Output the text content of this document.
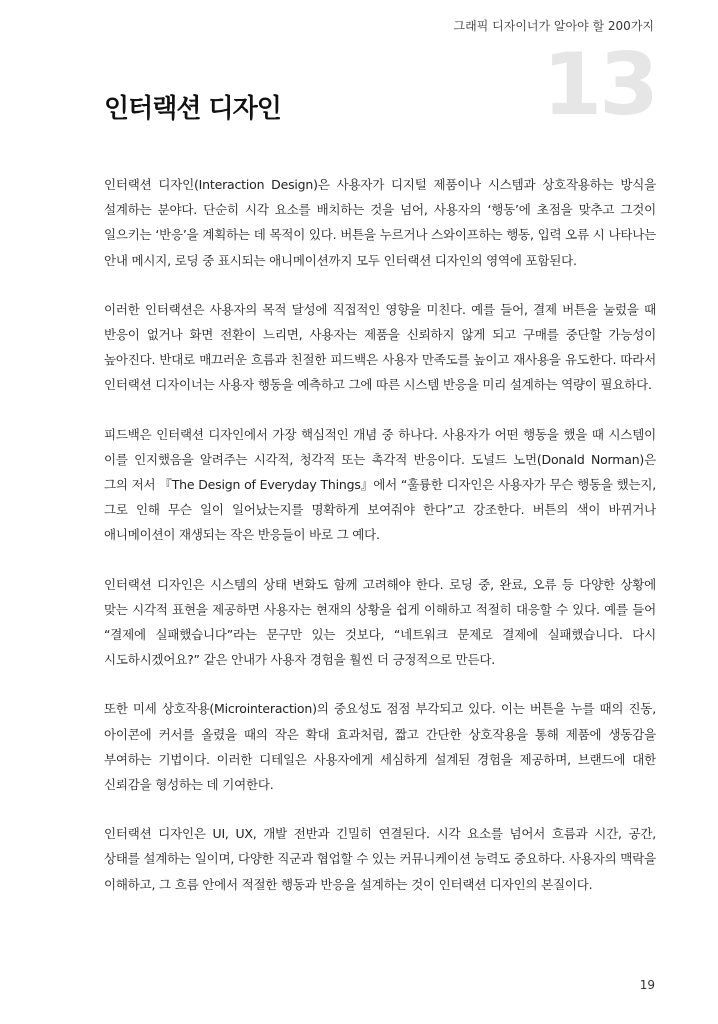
그래픽 디자이너가 알아야 할 200가지
13
인터랙션 디자인

인터랙션 디자인(Interaction Design)은 사용자가 디지털 제품이나 시스템과 상호작용하는 방식을 설계하는 분야다. 단순히 시각 요소를 배치하는 것을 넘어, 사용자의 ‘행동’에 초점을 맞추고 그것이 일으키는 ‘반응’을 계획하는 데 목적이 있다. 버튼을 누르거나 스와이프하는 행동, 입력 오류 시 나타나는 안내 메시지, 로딩 중 표시되는 애니메이션까지 모두 인터랙션 디자인의 영역에 포함된다.

이러한 인터랙션은 사용자의 목적 달성에 직접적인 영향을 미친다. 예를 들어, 결제 버튼을 눌렀을 때 반응이 없거나 화면 전환이 느리면, 사용자는 제품을 신뢰하지 않게 되고 구매를 중단할 가능성이 높아진다. 반대로 매끄러운 흐름과 친절한 피드백은 사용자 만족도를 높이고 재사용을 유도한다. 따라서 인터랙션 디자이너는 사용자 행동을 예측하고 그에 따른 시스템 반응을 미리 설계하는 역량이 필요하다.

피드백은 인터랙션 디자인에서 가장 핵심적인 개념 중 하나다. 사용자가 어떤 행동을 했을 때 시스템이 이를 인지했음을 알려주는 시각적, 청각적 또는 촉각적 반응이다. 도널드 노먼(Donald Norman)은 그의 저서 『The Design of Everyday Things』에서 “훌륭한 디자인은 사용자가 무슨 행동을 했는지, 그로 인해 무슨 일이 일어났는지를 명확하게 보여줘야 한다”고 강조한다. 버튼의 색이 바뀌거나 애니메이션이 재생되는 작은 반응들이 바로 그 예다.

인터랙션 디자인은 시스템의 상태 변화도 함께 고려해야 한다. 로딩 중, 완료, 오류 등 다양한 상황에 맞는 시각적 표현을 제공하면 사용자는 현재의 상황을 쉽게 이해하고 적절히 대응할 수 있다. 예를 들어 “결제에 실패했습니다”라는 문구만 있는 것보다, “네트워크 문제로 결제에 실패했습니다. 다시 시도하시겠어요?” 같은 안내가 사용자 경험을 훨씬 더 긍정적으로 만든다.

또한 미세 상호작용(Microinteraction)의 중요성도 점점 부각되고 있다. 이는 버튼을 누를 때의 진동, 아이콘에 커서를 올렸을 때의 작은 확대 효과처럼, 짧고 간단한 상호작용을 통해 제품에 생동감을 부여하는 기법이다. 이러한 디테일은 사용자에게 세심하게 설계된 경험을 제공하며, 브랜드에 대한 신뢰감을 형성하는 데 기여한다.

인터랙션 디자인은 UI, UX, 개발 전반과 긴밀히 연결된다. 시각 요소를 넘어서 흐름과 시간, 공간, 상태를 설계하는 일이며, 다양한 직군과 협업할 수 있는 커뮤니케이션 능력도 중요하다. 사용자의 맥락을 이해하고, 그 흐름 안에서 적절한 행동과 반응을 설계하는 것이 인터랙션 디자인의 본질이다.

19
